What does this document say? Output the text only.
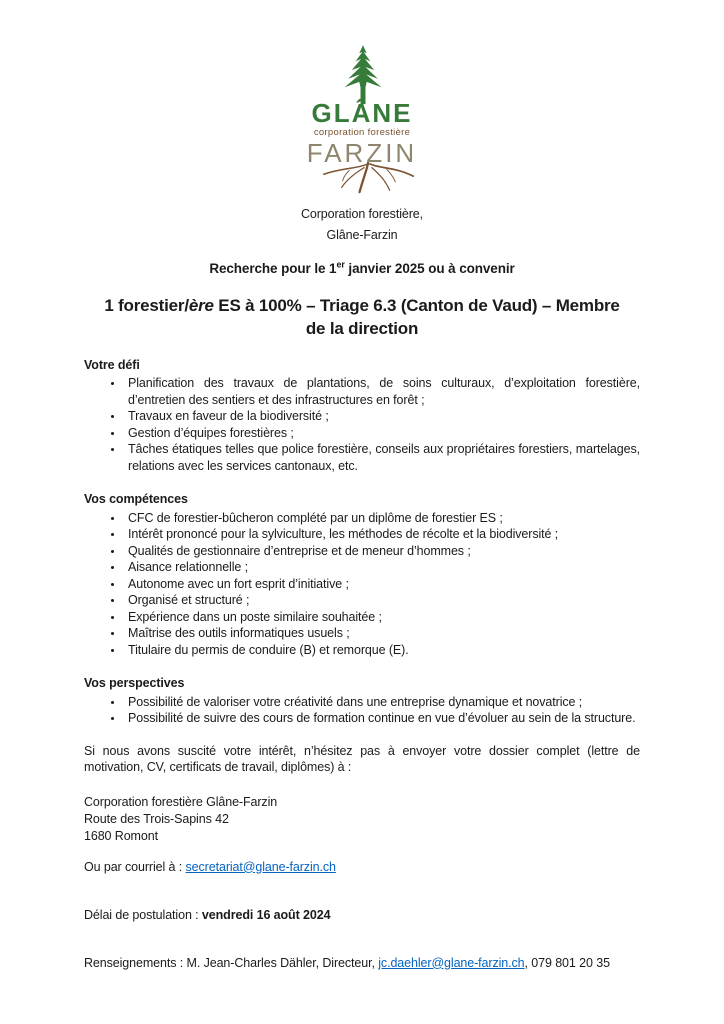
GLÂNE
corporation forestière
FARZIN

Corporation forestière,

Glâne-Farzin

Recherche pour le 1er janvier 2025 ou à convenir

1 forestier/ère ES à 100% – Triage 6.3 (Canton de Vaud) – Membre
de la direction

Votre défi

• Planification des travaux de plantations, de soins culturaux, d’exploitation forestière, d’entretien des sentiers et des infrastructures en forêt ;
• Travaux en faveur de la biodiversité ;
• Gestion d’équipes forestières ;
• Tâches étatiques telles que police forestière, conseils aux propriétaires forestiers, martelages, relations avec les services cantonaux, etc.

Vos compétences

• CFC de forestier-bûcheron complété par un diplôme de forestier ES ;
• Intérêt prononcé pour la sylviculture, les méthodes de récolte et la biodiversité ;
• Qualités de gestionnaire d’entreprise et de meneur d’hommes ;
• Aisance relationnelle ;
• Autonome avec un fort esprit d’initiative ;
• Organisé et structuré ;
• Expérience dans un poste similaire souhaitée ;
• Maîtrise des outils informatiques usuels ;
• Titulaire du permis de conduire (B) et remorque (E).

Vos perspectives

• Possibilité de valoriser votre créativité dans une entreprise dynamique et novatrice ;
• Possibilité de suivre des cours de formation continue en vue d’évoluer au sein de la structure.

Si nous avons suscité votre intérêt, n’hésitez pas à envoyer votre dossier complet (lettre de motivation, CV, certificats de travail, diplômes) à :

Corporation forestière Glâne-Farzin

Route des Trois-Sapins 42

1680 Romont

Ou par courriel à : secretariat@glane-farzin.ch

Délai de postulation : vendredi 16 août 2024

Renseignements : M. Jean-Charles Dähler, Directeur, jc.daehler@glane-farzin.ch, 079 801 20 35
